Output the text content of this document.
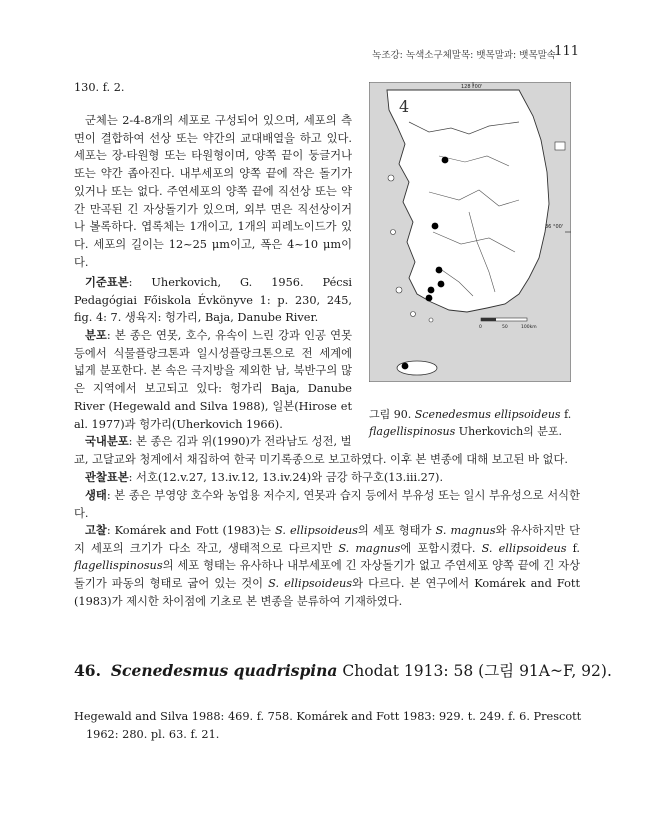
녹조강: 녹색소구체말목: 뱃목말과: 뱃목말속
111

130. f. 2.

군체는 2-4-8개의 세포로 구성되어 있으며, 세포의 측면이 결합하여 선상 또는 약간의 교대배열을 하고 있다. 세포는 장-타원형 또는 타원형이며, 양쪽 끝이 둥글거나 또는 약간 좁아진다. 내부세포의 양쪽 끝에 작은 돌기가 있거나 또는 없다. 주연세포의 양쪽 끝에 직선상 또는 약간 만곡된 긴 자상돌기가 있으며, 외부 면은 직선상이거나 볼록하다. 엽록체는 1개이고, 1개의 피레노이드가 있다. 세포의 길이는 12~25 μm이고, 폭은 4~10 μm이다.

기준표본: Uherkovich, G. 1956. Pécsi Pedagógiai Főiskola Évkönyve 1: p. 230, 245, fig. 4: 7. 생육지: 헝가리, Baja, Danube River.

분포: 본 종은 연못, 호수, 유속이 느린 강과 인공 연못 등에서 식물플랑크톤과 일시성플랑크톤으로 전 세계에 넓게 분포한다. 본 속은 극지방을 제외한 남, 북반구의 많은 지역에서 보고되고 있다: 헝가리 Baja, Danube River (Hegewald and Silva 1988), 일본(Hirose et al. 1977)과 헝가리(Uherkovich 1966).

국내분포: 본 종은 김과 위(1990)가 전라남도 성전, 벌

교, 고달교와 청계에서 채집하여 한국 미기록종으로 보고하였다. 이후 본 변종에 대해 보고된 바 없다.

관찰표본: 서호(12.v.27, 13.iv.12, 13.iv.24)와 금강 하구호(13.iii.27).

생태: 본 종은 부영양 호수와 농업용 저수지, 연못과 습지 등에서 부유성 또는 일시 부유성으로 서식한다.

고찰: Komárek and Fott (1983)는 S. ellipsoideus의 세포 형태가 S. magnus와 유사하지만 단지 세포의 크기가 다소 작고, 생태적으로 다르지만 S. magnus에 포함시켰다. S. ellipsoideus f. flagellispinosus의 세포 형태는 유사하나 내부세포에 긴 자상돌기가 없고 주연세포 양쪽 끝에 긴 자상돌기가 파동의 형태로 굽어 있는 것이 S. ellipsoideus와 다르다. 본 연구에서 Komárek and Fott (1983)가 제시한 차이점에 기초로 본 변종을 분류하여 기재하였다.

128 °00'
36 °00'
4
0	50	100km

그림 90. Scenedesmus ellipsoideus f. flagellispinosus Uherkovich의 분포.

46. Scenedesmus quadrispina Chodat 1913: 58 (그림 91A~F, 92).

Hegewald and Silva 1988: 469. f. 758. Komárek and Fott 1983: 929. t. 249. f. 6. Prescott 1962: 280. pl. 63. f. 21.
